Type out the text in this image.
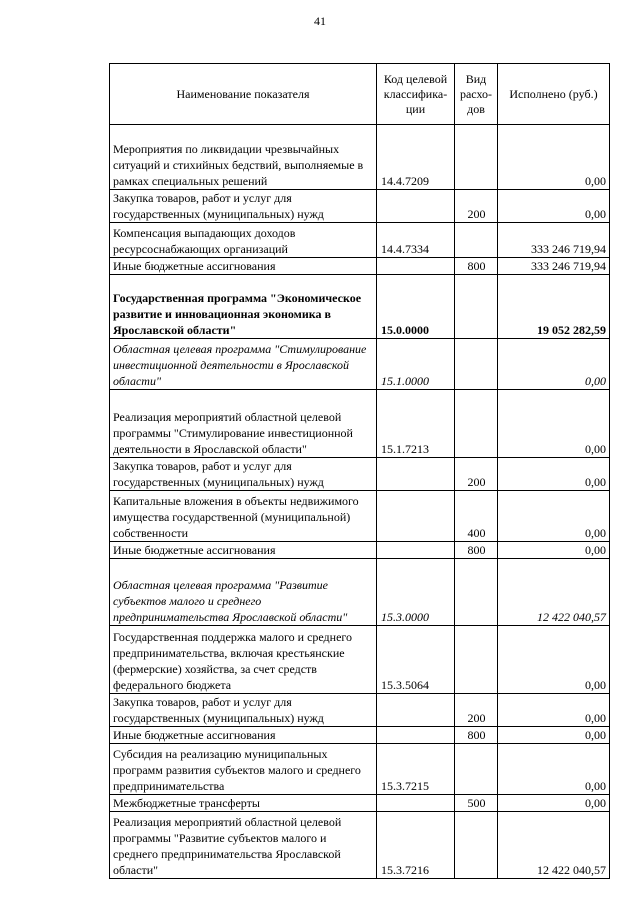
41
Наименование показателя	Код целевой классифика-ции	Вид расхо-дов	Исполнено (руб.)
Мероприятия по ликвидации чрезвычайных ситуаций и стихийных бедствий, выполняемые в рамках специальных решений	14.4.7209		0,00
Закупка товаров, работ и услуг для государственных (муниципальных) нужд		200	0,00
Компенсация выпадающих доходов ресурсоснабжающих организаций	14.4.7334		333 246 719,94
Иные бюджетные ассигнования		800	333 246 719,94
Государственная программа "Экономическое развитие и инновационная экономика в Ярославской области"	15.0.0000		19 052 282,59
Областная целевая программа "Стимулирование инвестиционной деятельности в Ярославской области"	15.1.0000		0,00
Реализация мероприятий областной целевой программы "Стимулирование инвестиционной деятельности в Ярославской области"	15.1.7213		0,00
Закупка товаров, работ и услуг для государственных (муниципальных) нужд		200	0,00
Капитальные вложения в объекты недвижимого имущества государственной (муниципальной) собственности		400	0,00
Иные бюджетные ассигнования		800	0,00
Областная целевая программа "Развитие субъектов малого и среднего предпринимательства Ярославской области"	15.3.0000		12 422 040,57
Государственная поддержка малого и среднего предпринимательства, включая крестьянские (фермерские) хозяйства, за счет средств федерального бюджета	15.3.5064		0,00
Закупка товаров, работ и услуг для государственных (муниципальных) нужд		200	0,00
Иные бюджетные ассигнования		800	0,00
Субсидия на реализацию муниципальных программ развития субъектов малого и среднего предпринимательства	15.3.7215		0,00
Межбюджетные трансферты		500	0,00
Реализация мероприятий областной целевой программы "Развитие субъектов малого и среднего предпринимательства Ярославской области"	15.3.7216		12 422 040,57
